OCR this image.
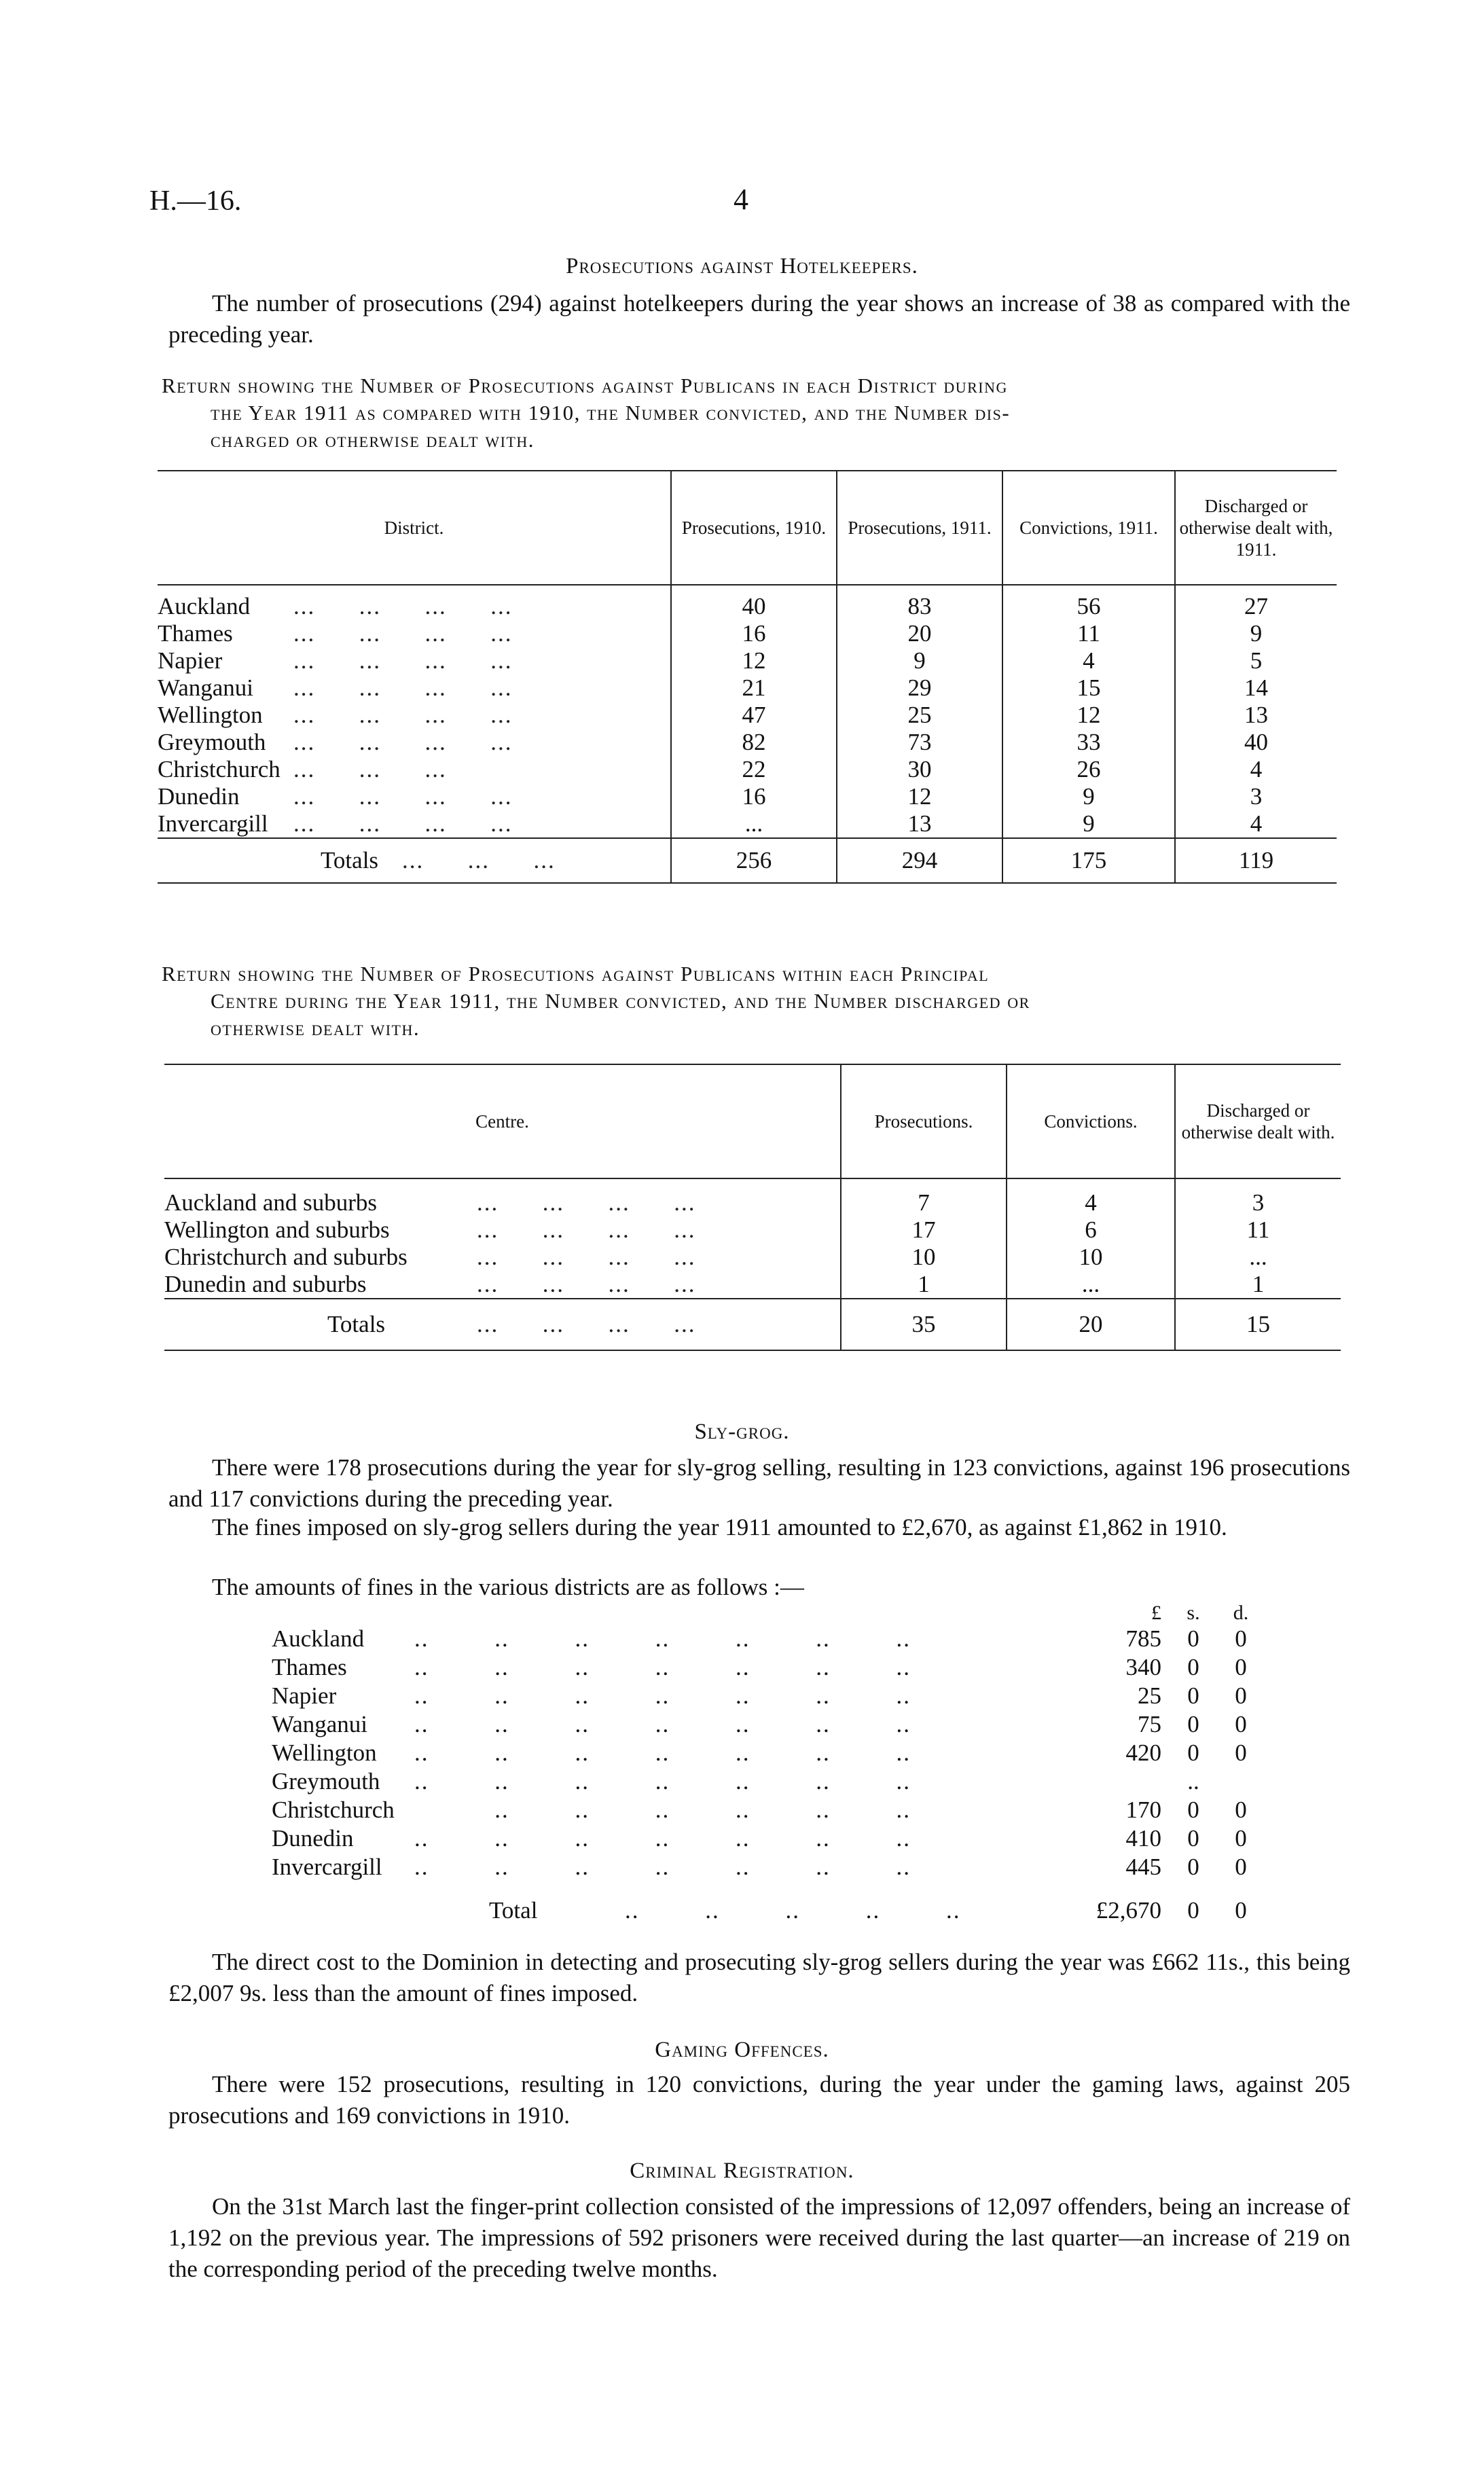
H.—16.	4
Prosecutions against Hotelkeepers.
The number of prosecutions (294) against hotelkeepers during the year shows an increase of 38 as compared with the preceding year.
Return showing the Number of Prosecutions against Publicans in each District during
the Year 1911 as compared with 1910, the Number convicted, and the Number dis-
charged or otherwise dealt with.
District.	Prosecutions, 1910.	Prosecutions, 1911.	Convictions, 1911.	Discharged or otherwise dealt with, 1911.
Auckland ...      ...      ...      ...	40	83	56	27
Thames ...      ...      ...      ...	16	20	11	9
Napier ...      ...      ...      ...	12	9	4	5
Wanganui ...      ...      ...      ...	21	29	15	14
Wellington ...      ...      ...      ...	47	25	12	13
Greymouth ...      ...      ...      ...	82	73	33	40
Christchurch ...      ...      ...	22	30	26	4
Dunedin ...      ...      ...      ...	16	12	9	3
Invercargill ...      ...      ...      ...	...	13	9	4
Totals ...      ...      ...	256	294	175	119
Return showing the Number of Prosecutions against Publicans within each Principal
Centre during the Year 1911, the Number convicted, and the Number discharged or
otherwise dealt with.
Centre.	Prosecutions.	Convictions.	Discharged or otherwise dealt with.
Auckland and suburbs ...      ...      ...      ...	7	4	3
Wellington and suburbs ...      ...      ...      ...	17	6	11
Christchurch and suburbs ...      ...      ...      ...	10	10	...
Dunedin and suburbs ...      ...      ...      ...	1	...	1
Totals ...      ...      ...      ...	35	20	15
Sly-grog.
There were 178 prosecutions during the year for sly-grog selling, resulting in 123 convictions, against 196 prosecutions and 117 convictions during the preceding year.
The fines imposed on sly-grog sellers during the year 1911 amounted to £2,670, as against £1,862 in 1910.
The amounts of fines in the various districts are as follows :—
£ s. d.
Auckland ..         ..         ..         ..         ..         ..         ..	785 0 0
Thames	..         ..         ..         ..         ..         ..         ..	340 0 0
Napier	..         ..         ..         ..         ..         ..         ..	25 0 0
Wanganui ..         ..         ..         ..         ..         ..         ..	75 0 0
Wellington ..         ..         ..         ..         ..         ..         ..	420 0 0
Greymouth ..         ..         ..         ..         ..         ..         ..	..
Christchurch ..         ..         ..         ..         ..         ..	170 0 0
Dunedin	..         ..         ..         ..         ..         ..         ..	410 0 0
Invercargill ..         ..         ..         ..         ..         ..         ..	445 0 0
Total	..         ..         ..         ..         ..	£2,670 0 0
The direct cost to the Dominion in detecting and prosecuting sly-grog sellers during the year was £662 11s., this being £2,007 9s. less than the amount of fines imposed.
Gaming Offences.
There were 152 prosecutions, resulting in 120 convictions, during the year under the gaming laws, against 205 prosecutions and 169 convictions in 1910.
Criminal Registration.
On the 31st March last the finger-print collection consisted of the impressions of 12,097 offenders, being an increase of 1,192 on the previous year. The impressions of 592 prisoners were received during the last quarter—an increase of 219 on the corresponding period of the preceding twelve months.
